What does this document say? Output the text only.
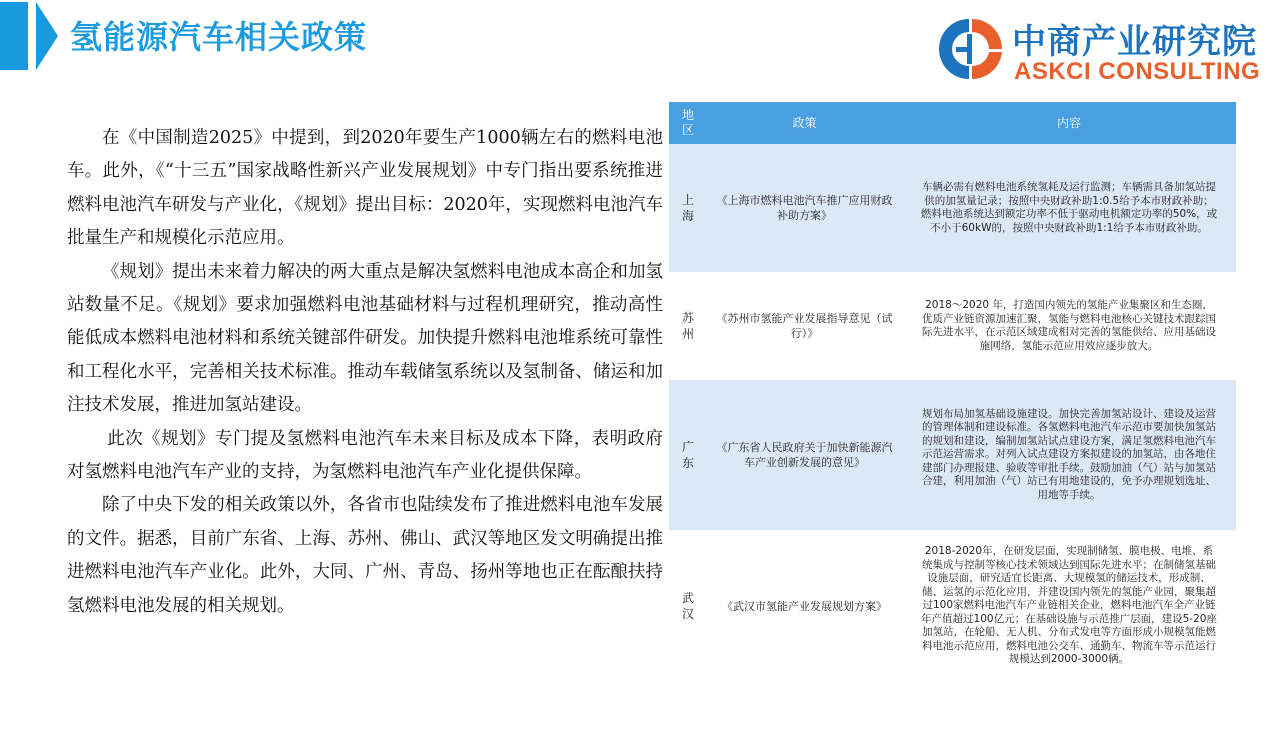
氢能源汽车相关政策	中商产业研究院
ASKCI CONSULTING

在《中国制造2025》中提到，到2020年要生产1000辆左右的燃料电池车。此外，《“十三五”国家战略性新兴产业发展规划》中专门指出要系统推进燃料电池汽车研发与产业化，《规划》提出目标：2020年，实现燃料电池汽车批量生产和规模化示范应用。

《规划》提出未来着力解决的两大重点是解决氢燃料电池成本高企和加氢站数量不足。《规划》要求加强燃料电池基础材料与过程机理研究，推动高性能低成本燃料电池材料和系统关键部件研发。加快提升燃料电池堆系统可靠性和工程化水平，完善相关技术标准。推动车载储氢系统以及氢制备、储运和加注技术发展，推进加氢站建设。

此次《规划》专门提及氢燃料电池汽车未来目标及成本下降，表明政府对氢燃料电池汽车产业的支持，为氢燃料电池汽车产业化提供保障。

除了中央下发的相关政策以外，各省市也陆续发布了推进燃料电池车发展的文件。据悉，目前广东省、上海、苏州、佛山、武汉等地区发文明确提出推进燃料电池汽车产业化。此外，大同、广州、青岛、扬州等地也正在酝酿扶持氢燃料电池发展的相关规划。

地区	政策	内容
上海	《上海市燃料电池汽车推广应用财政补助方案》	车辆必需有燃料电池系统氢耗及运行监测；车辆需具备加氢站提供的加氢量记录；按照中央财政补助1:0.5给予本市财政补助；燃料电池系统达到额定功率不低于驱动电机额定功率的50%，或不小于60kW的，按照中央财政补助1:1给予本市财政补助。
苏州	《苏州市氢能产业发展指导意见（试行）》	2018～2020 年，打造国内领先的氢能产业集聚区和生态圈，优质产业链资源加速汇聚，氢能与燃料电池核心关键技术跟踪国际先进水平，在示范区域建成相对完善的氢能供给、应用基础设施网络，氢能示范应用效应逐步放大。
广东	《广东省人民政府关于加快新能源汽车产业创新发展的意见》	规划布局加氢基础设施建设。加快完善加氢站设计、建设及运营的管理体制和建设标准。各氢燃料电池汽车示范市要加快加氢站的规划和建设，编制加氢站试点建设方案，满足氢燃料电池汽车示范运营需求。对列入试点建设方案拟建设的加氢站，由各地住建部门办理报建、验收等审批手续。鼓励加油（气）站与加氢站合建，利用加油（气）站已有用地建设的，免予办理规划选址、用地等手续。
武汉	《武汉市氢能产业发展规划方案》	2018-2020年，在研发层面，实现制储氢、膜电极、电堆、系统集成与控制等核心技术领域达到国际先进水平；在制储氢基础设施层面，研究适宜长距离、大规模氢的储运技术，形成制、储、运氢的示范化应用，并建设国内领先的氢能产业园，聚集超过100家燃料电池汽车产业链相关企业，燃料电池汽车全产业链年产值超过100亿元；在基础设施与示范推广层面，建设5-20座加氢站，在轮船、无人机、分布式发电等方面形成小规模氢能燃料电池示范应用，燃料电池公交车、通勤车、物流车等示范运行规模达到2000-3000辆。
